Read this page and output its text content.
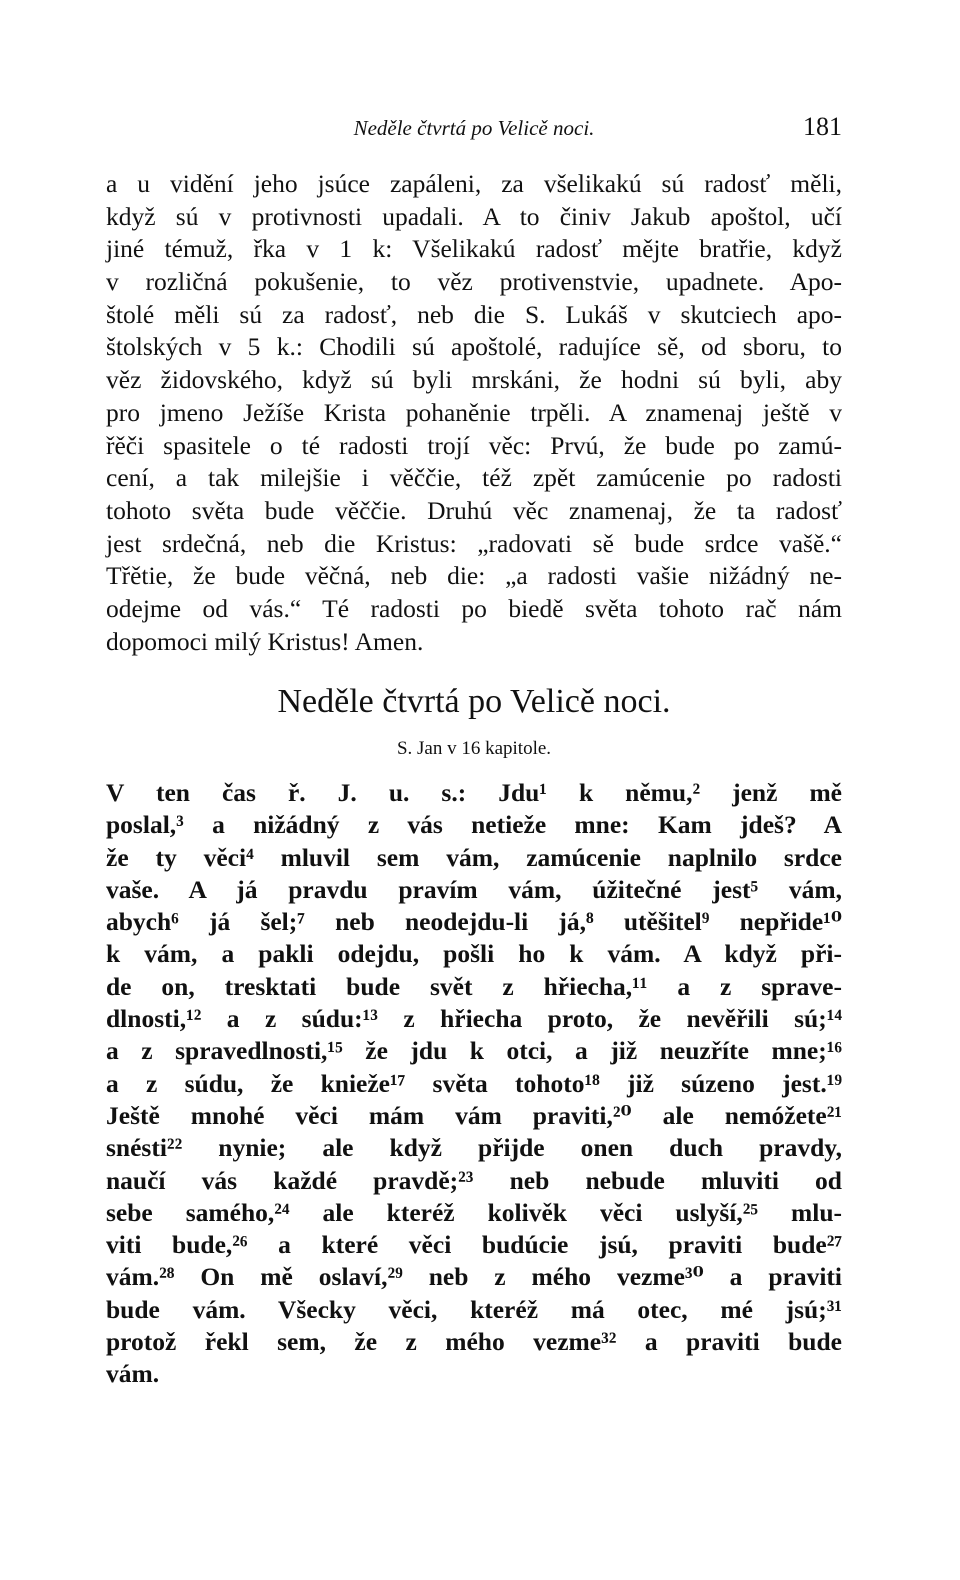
Neděle čtvrtá po Velicě noci.	181
a u vidění jeho jsúce zapáleni, za všelikakú sú radosť měli,
když sú v protivnosti upadali. A to činiv Jakub apoštol, učí
jiné témuž, řka v 1 k: Všelikakú radosť mějte bratřie, když
v rozličná pokušenie, to věz protivenstvie, upadnete. Apo-
štolé měli sú za radosť, neb die S. Lukáš v skutciech apo-
štolských v 5 k.: Chodili sú apoštolé, radujíce sě, od sboru, to
věz židovského, když sú byli mrskáni, že hodni sú byli, aby
pro jmeno Ježíše Krista pohaněnie trpěli. A znamenaj ještě v
řěči spasitele o té radosti trojí věc: Prvú, že bude po zamú-
cení, a tak milejšie i věččie, též zpět zamúcenie po radosti
tohoto světa bude věččie. Druhú věc znamenaj, že ta radosť
jest srdečná, neb die Kristus: „radovati sě bude srdce vašě.“
Třětie, že bude věčná, neb die: „a radosti vašie nižádný ne-
odejme od vás.“ Té radosti po biedě světa tohoto rač nám
dopomoci milý Kristus! Amen.
Neděle čtvrtá po Velicě noci.
S. Jan v 16 kapitole.
V ten čas ř. J. u. s.: Jdu¹ k němu,² jenž mě
poslal,³ a nižádný z vás netieže mne: Kam jdeš? A
že ty věci⁴ mluvil sem vám, zamúcenie naplnilo srdce
vaše. A já pravdu pravím vám, úžitečné jest⁵ vám,
abych⁶ já šel;⁷ neb neodejdu-li já,⁸ utěšitel⁹ nepřide¹⁰
k vám, a pakli odejdu, pošli ho k vám. A když při-
de on, tresktati bude svět z hřiecha,¹¹ a z sprave-
dlnosti,¹² a z súdu:¹³ z hřiecha proto, že nevěřili sú;¹⁴
a z spravedlnosti,¹⁵ že jdu k otci, a již neuzříte mne;¹⁶
a z súdu, že knieže¹⁷ světa tohoto¹⁸ již súzeno jest.¹⁹
Ještě mnohé věci mám vám praviti,²⁰ ale nemóžete²¹
snésti²² nynie; ale když přijde onen duch pravdy,
naučí vás každé pravdě;²³ neb nebude mluviti od
sebe samého,²⁴ ale kteréž kolivěk věci uslyší,²⁵ mlu-
viti bude,²⁶ a které věci budúcie jsú, praviti bude²⁷
vám.²⁸ On mě oslaví,²⁹ neb z mého vezme³⁰ a praviti
bude vám. Všecky věci, kteréž má otec, mé jsú;³¹
protož řekl sem, že z mého vezme³² a praviti bude
vám.
